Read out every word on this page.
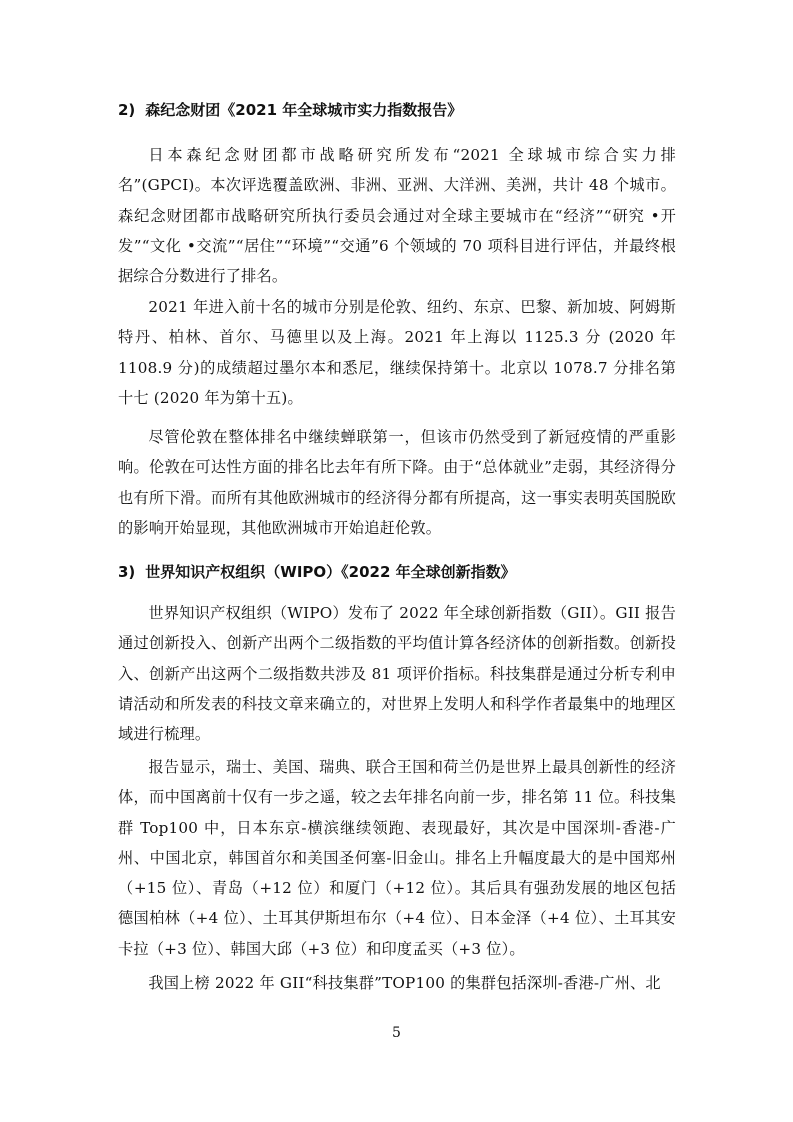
2) 森纪念财团《2021 年全球城市实力指数报告》

日本森纪念财团都市战略研究所发布“2021 全球城市综合实力排名”(GPCI)。本次评选覆盖欧洲、非洲、亚洲、大洋洲、美洲，共计 48 个城市。森纪念财团都市战略研究所执行委员会通过对全球主要城市在“经济”“研究 •开发”“文化 •交流”“居住”“环境”“交通”6 个领域的 70 项科目进行评估，并最终根据综合分数进行了排名。

2021 年进入前十名的城市分别是伦敦、纽约、东京、巴黎、新加坡、阿姆斯特丹、柏林、首尔、马德里以及上海。2021 年上海以 1125.3 分 (2020 年 1108.9 分)的成绩超过墨尔本和悉尼，继续保持第十。北京以 1078.7 分排名第十七 (2020 年为第十五)。

尽管伦敦在整体排名中继续蝉联第一，但该市仍然受到了新冠疫情的严重影响。伦敦在可达性方面的排名比去年有所下降。由于“总体就业”走弱，其经济得分也有所下滑。而所有其他欧洲城市的经济得分都有所提高，这一事实表明英国脱欧的影响开始显现，其他欧洲城市开始追赶伦敦。

3) 世界知识产权组织（WIPO）《2022 年全球创新指数》

世界知识产权组织（WIPO）发布了 2022 年全球创新指数（GII）。GII 报告通过创新投入、创新产出两个二级指数的平均值计算各经济体的创新指数。创新投入、创新产出这两个二级指数共涉及 81 项评价指标。科技集群是通过分析专利申请活动和所发表的科技文章来确立的，对世界上发明人和科学作者最集中的地理区域进行梳理。

报告显示，瑞士、美国、瑞典、联合王国和荷兰仍是世界上最具创新性的经济体，而中国离前十仅有一步之遥，较之去年排名向前一步，排名第 11 位。科技集群 Top100 中，日本东京-横滨继续领跑、表现最好，其次是中国深圳-香港-广州、中国北京，韩国首尔和美国圣何塞-旧金山。排名上升幅度最大的是中国郑州（+15 位）、青岛（+12 位）和厦门（+12 位）。其后具有强劲发展的地区包括德国柏林（+4 位）、土耳其伊斯坦布尔（+4 位）、日本金泽（+4 位）、土耳其安卡拉（+3 位）、韩国大邱（+3 位）和印度孟买（+3 位）。

我国上榜 2022 年 GII“科技集群”TOP100 的集群包括深圳-香港-广州、北

5
